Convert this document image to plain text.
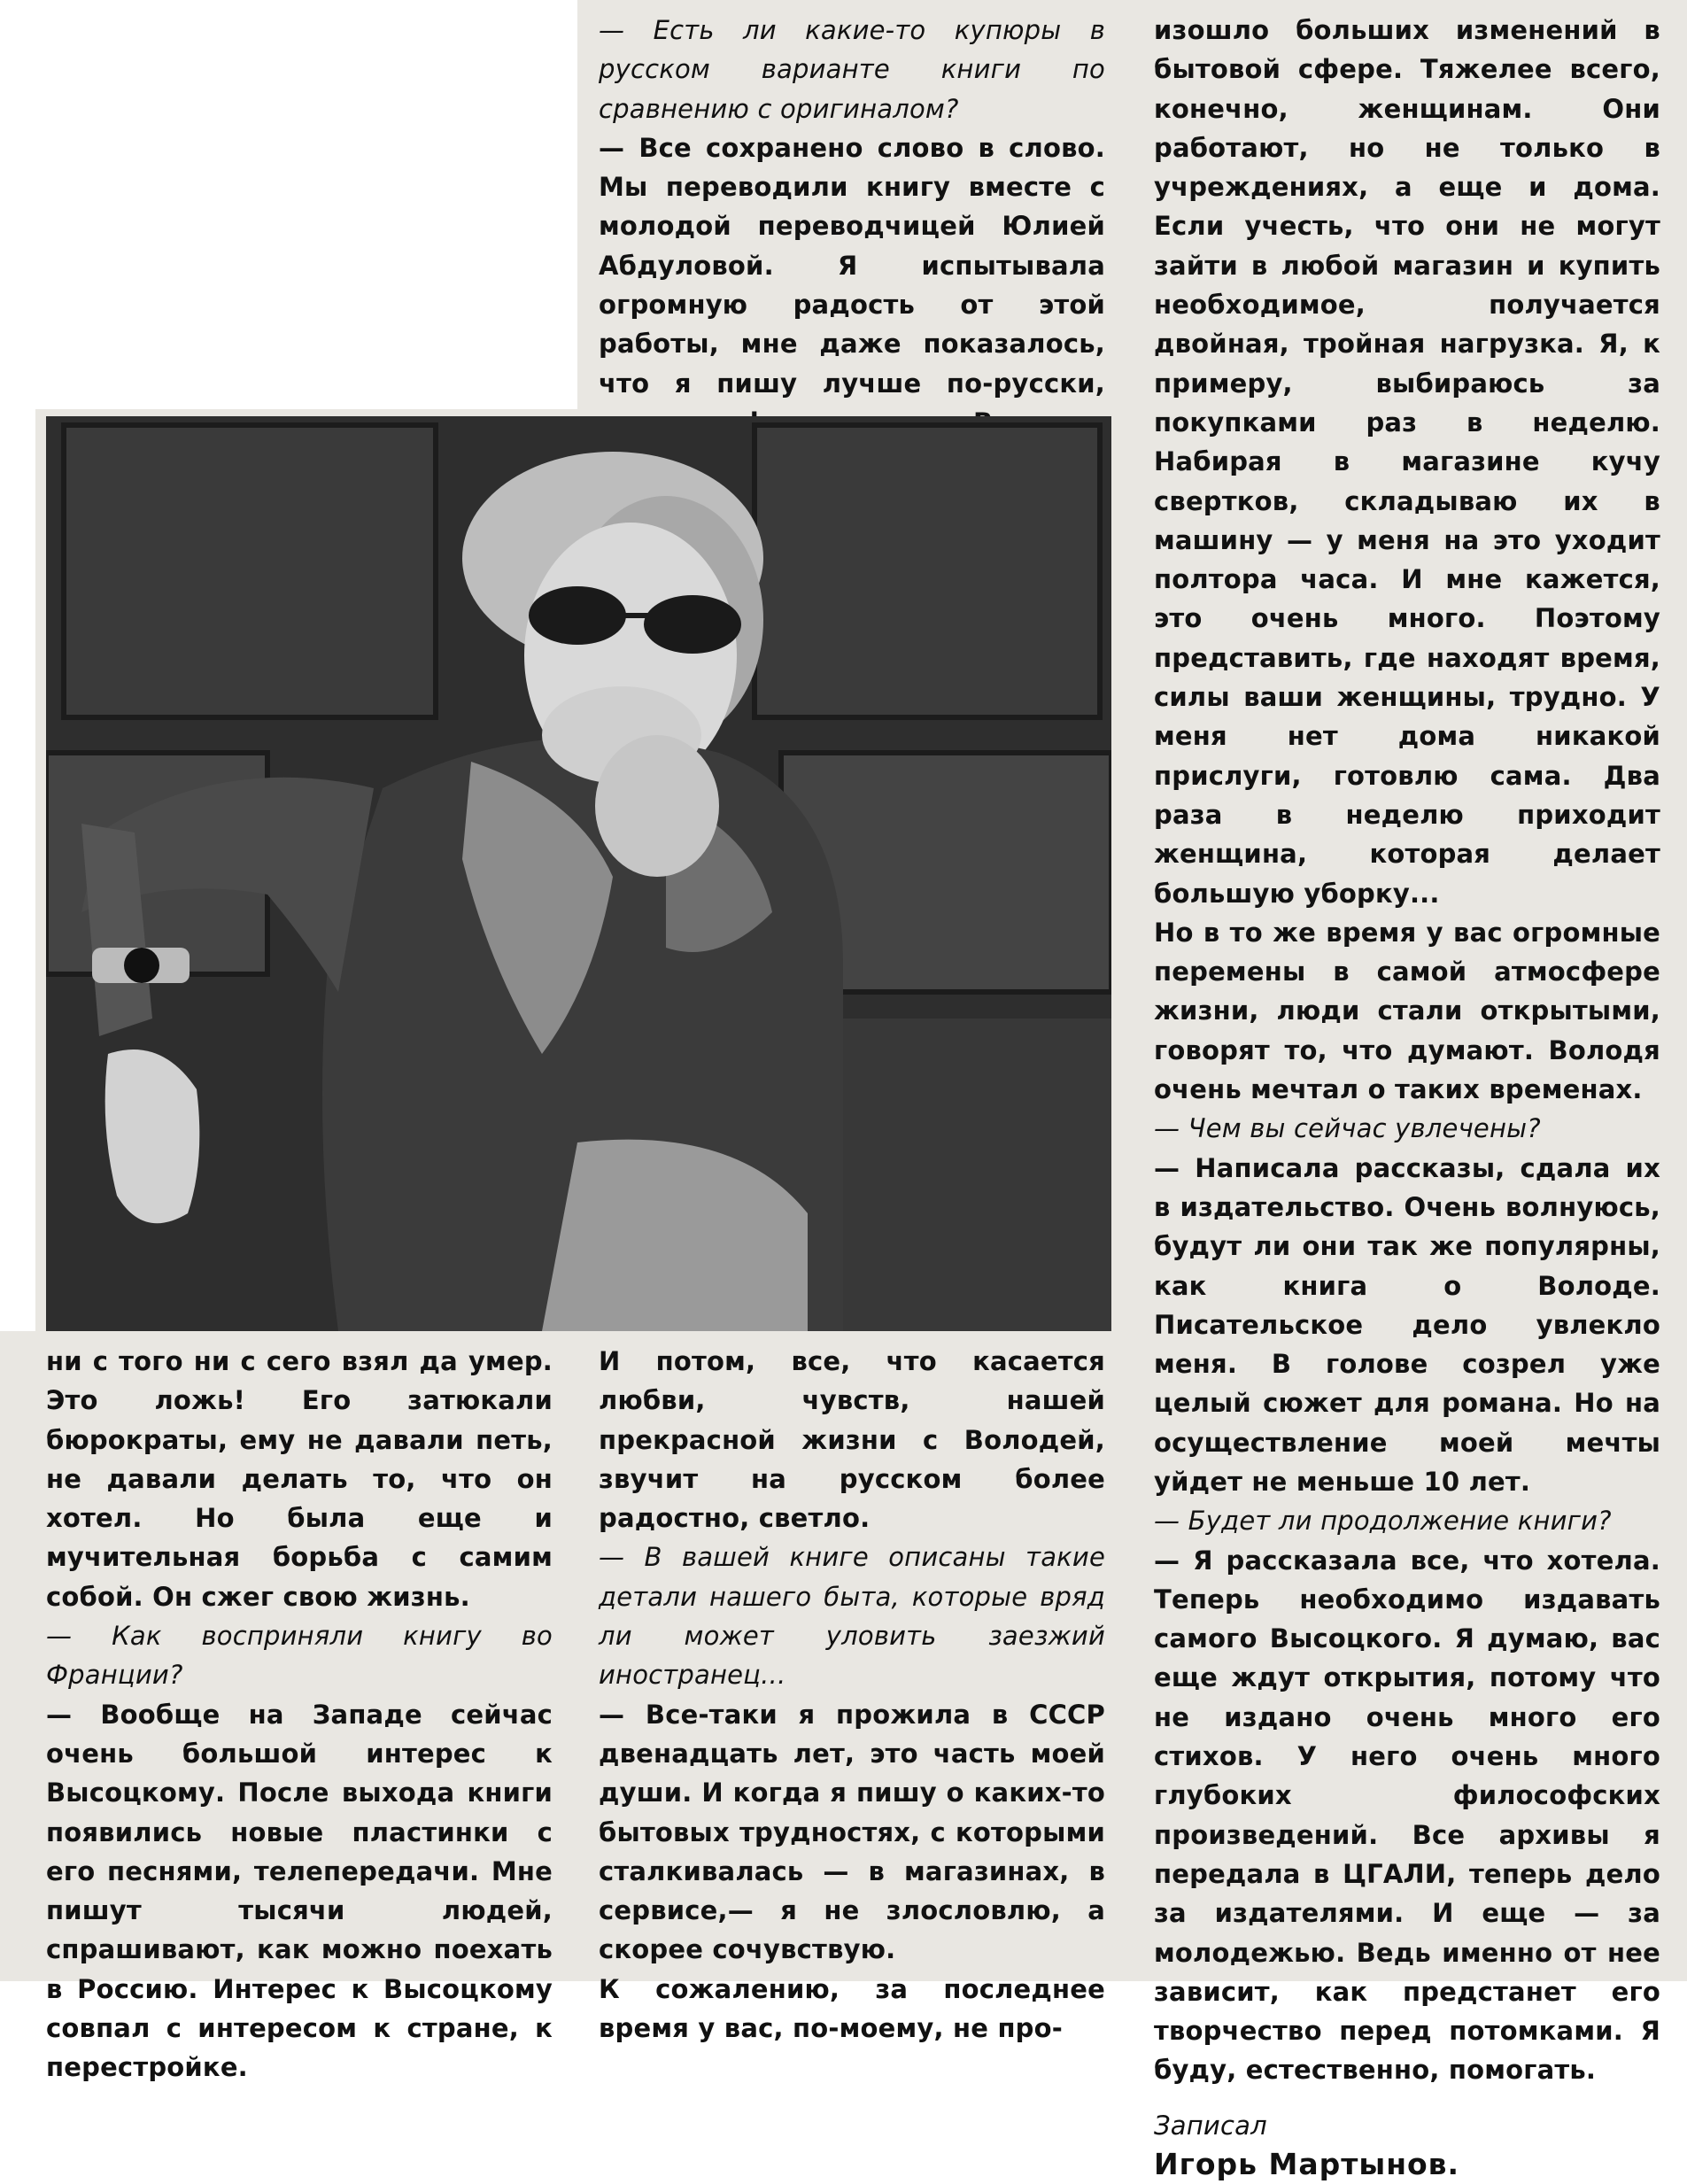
— Есть ли какие-то купюры в русском варианте книги по сравнению с оригиналом?

— Все сохранено слово в слово. Мы переводили книгу вместе с молодой переводчицей Юлией Абдуловой. Я испытывала огромную радость от этой работы, мне даже показалось, что я пишу лучше по-русски,

изошло больших изменений в бытовой сфере. Тяжелее всего, конечно, женщинам. Они работают, но не только в учреждениях, а еще и дома. Если учесть, что они не могут зайти в любой магазин и купить необходимое, получается двойная, тройная нагрузка. Я, к примеру, выбираюсь за покупками раз в неделю. Набирая в магазине кучу свертков, складываю их в машину — у меня на это уходит полтора часа. И мне кажется, это очень много. Поэтому представить, где находят время, силы ваши женщины, трудно. У меня нет дома никакой прислуги, готовлю сама. Два раза в неделю приходит женщина, которая делает большую уборку...

Но в то же время у вас огромные перемены в самой атмосфере жизни, люди стали открытыми, говорят то, что думают. Володя очень мечтал о таких временах.

— Чем вы сейчас увлечены?

— Написала рассказы, сдала их в издательство. Очень волнуюсь, будут ли они так же популярны, как книга о Володе. Писательское дело увлекло меня. В голове созрел уже целый сюжет для романа. Но на осуществление моей мечты уйдет не меньше 10 лет.

— Будет ли продолжение книги?

— Я рассказала все, что хотела. Теперь необходимо издавать самого Высоцкого. Я думаю, вас еще ждут открытия, потому что не издано очень много его стихов. У него очень много глубоких философских произведений. Все архивы я передала в ЦГАЛИ, теперь дело за издателями. И еще — за молодежью. Ведь именно от нее зависит, как предстанет его творчество перед потомками. Я буду, естественно, помогать.

Записал

Игорь Мартынов.

ни с того ни с сего взял да умер. Это ложь! Его затюкали бюрократы, ему не давали петь, не давали делать то, что он хотел. Но была еще и мучительная борьба с самим собой. Он сжег свою жизнь.

— Как восприняли книгу во Франции?

— Вообще на Западе сейчас очень большой интерес к Высоцкому. После выхода книги появились новые пластинки с его песнями, телепередачи. Мне пишут тысячи людей, спрашивают, как можно поехать в Россию. Интерес к Высоцкому совпал с интересом к стране, к перестройке.

И потом, все, что касается любви, чувств, нашей прекрасной жизни с Володей, звучит на русском более радостно, светло.

— В вашей книге описаны такие детали нашего быта, которые вряд ли может уловить заезжий иностранец...

— Все-таки я прожила в СССР двенадцать лет, это часть моей души. И когда я пишу о каких-то бытовых трудностях, с которыми сталкивалась — в магазинах, в сервисе,— я не злословлю, а скорее сочувствую.

К сожалению, за последнее время у вас, по-моему, не про-
